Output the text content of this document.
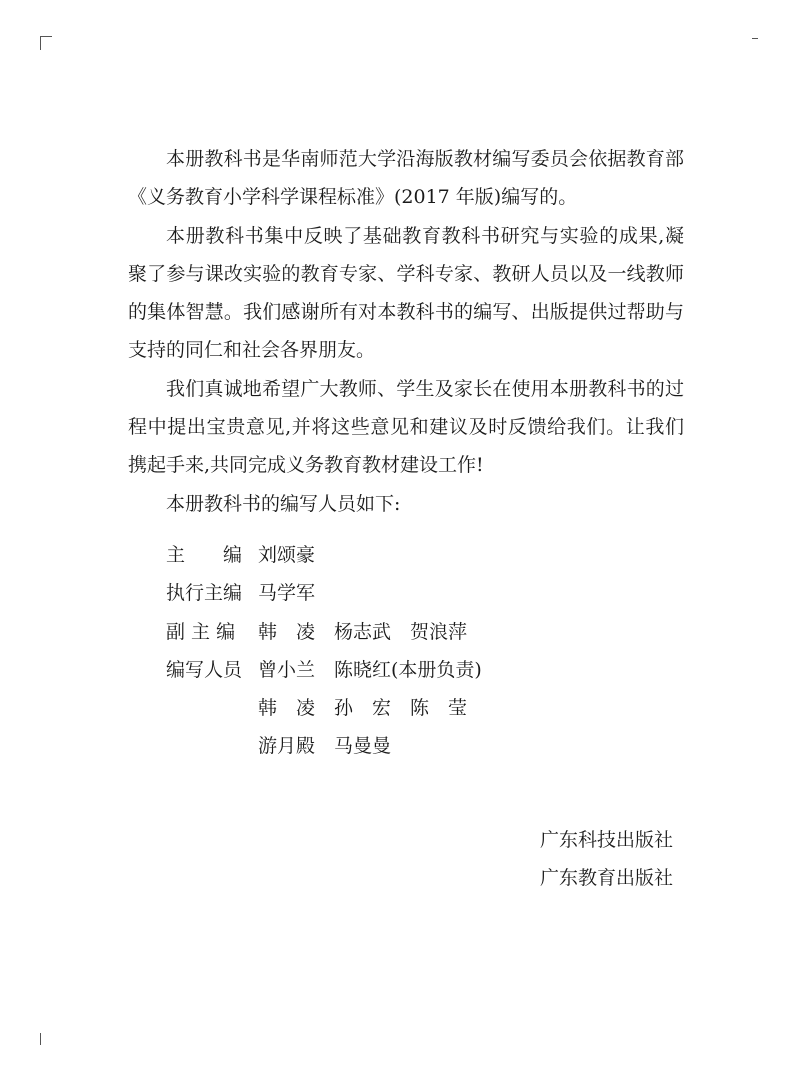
本册教科书是华南师范大学沿海版教材编写委员会依据教育部《义务教育小学科学课程标准》(2017 年版)编写的。

本册教科书集中反映了基础教育教科书研究与实验的成果,凝聚了参与课改实验的教育专家、学科专家、教研人员以及一线教师的集体智慧。我们感谢所有对本教科书的编写、出版提供过帮助与支持的同仁和社会各界朋友。

我们真诚地希望广大教师、学生及家长在使用本册教科书的过程中提出宝贵意见,并将这些意见和建议及时反馈给我们。让我们携起手来,共同完成义务教育教材建设工作!

本册教科书的编写人员如下:

主　　编 刘颂豪
执行主编 马学军
副 主 编	韩　凌　杨志武　贺浪萍
编写人员 曾小兰　陈晓红(本册负责)
韩　凌　孙　宏　陈　莹
游月殿　马曼曼
广东科技出版社
广东教育出版社
